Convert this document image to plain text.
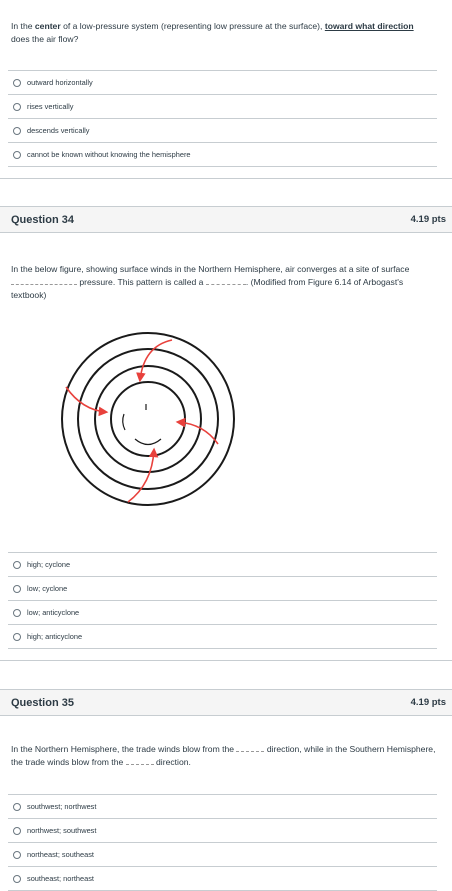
In the center of a low-pressure system (representing low pressure at the surface), toward what direction does the air flow?
outward horizontally
rises vertically
descends vertically
cannot be known without knowing the hemisphere
Question 34	4.19 pts
In the below figure, showing surface winds in the Northern Hemisphere, air converges at a site of surface  pressure. This pattern is called a	. (Modified from Figure 6.14 of Arbogast's textbook)
high; cyclone
low; cyclone
low; anticyclone
high; anticyclone
Question 35	4.19 pts
In the Northern Hemisphere, the trade winds blow from the	direction, while in the Southern Hemisphere, the trade winds blow from the	direction.
southwest; northwest
northwest; southwest
northeast; southeast
southeast; northeast
